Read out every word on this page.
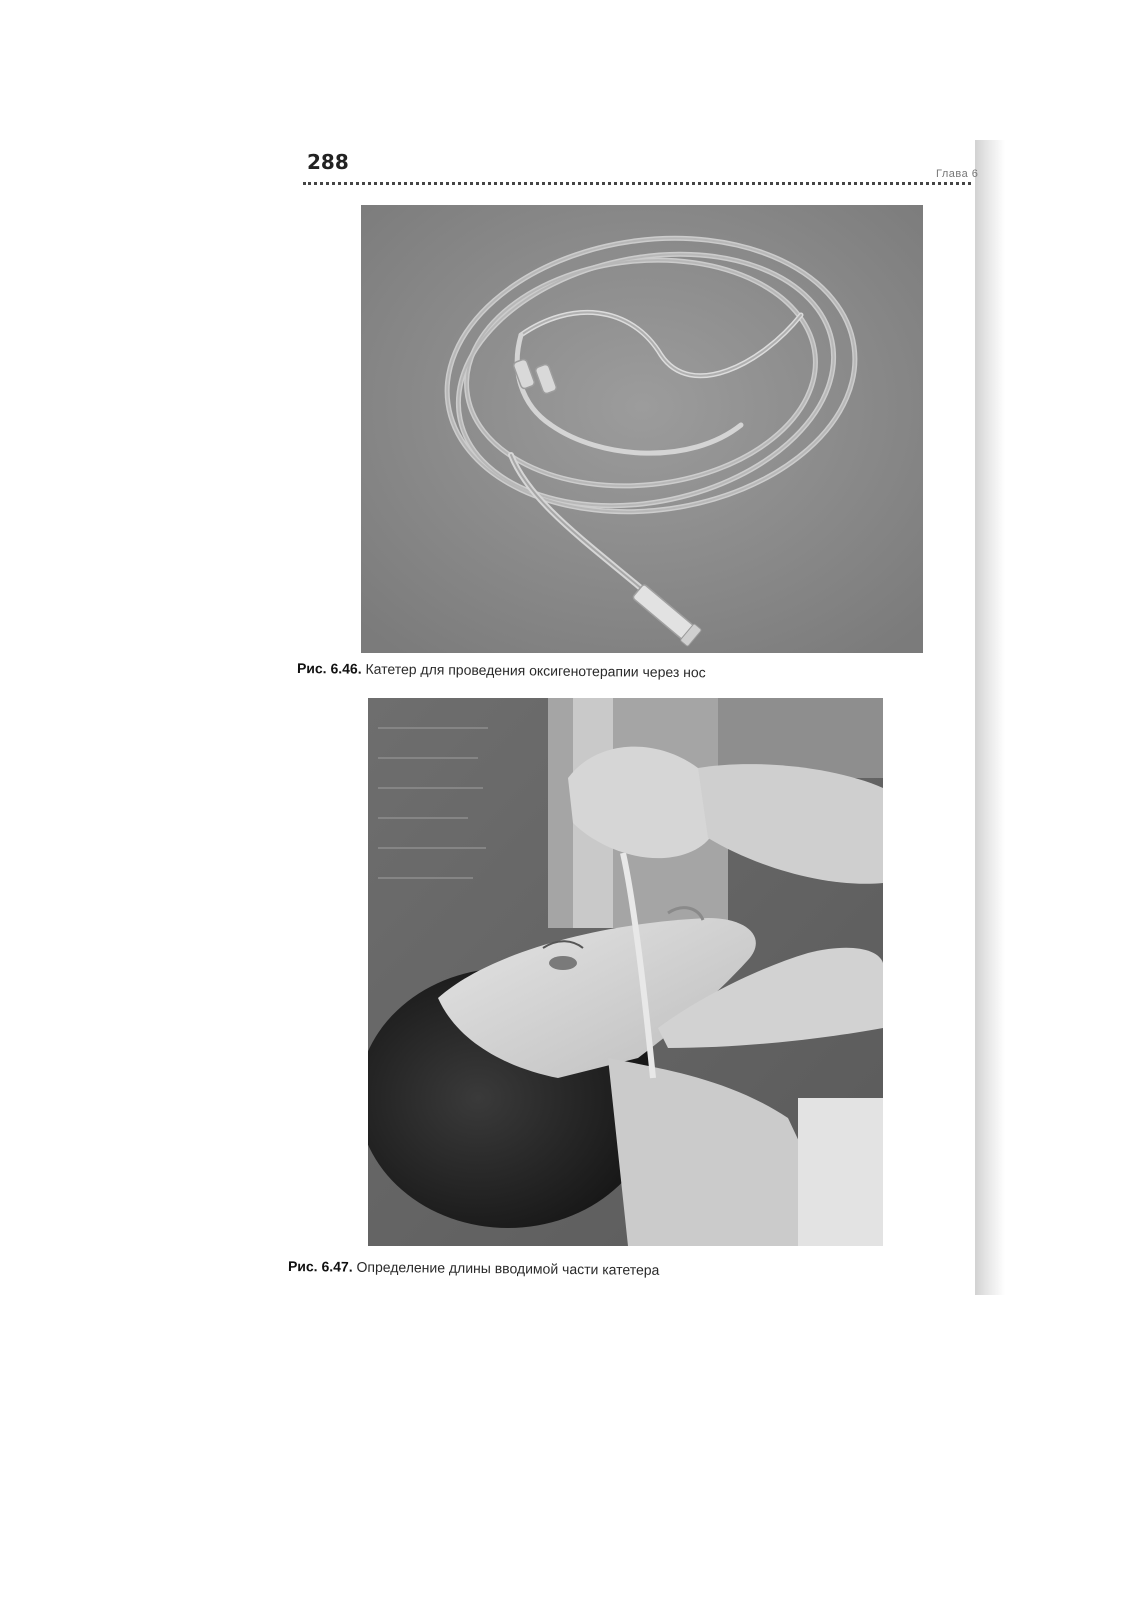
288	Глава 6
Рис. 6.46. Катетер для проведения оксигенотерапии через нос
Рис. 6.47. Определение длины вводимой части катетера
